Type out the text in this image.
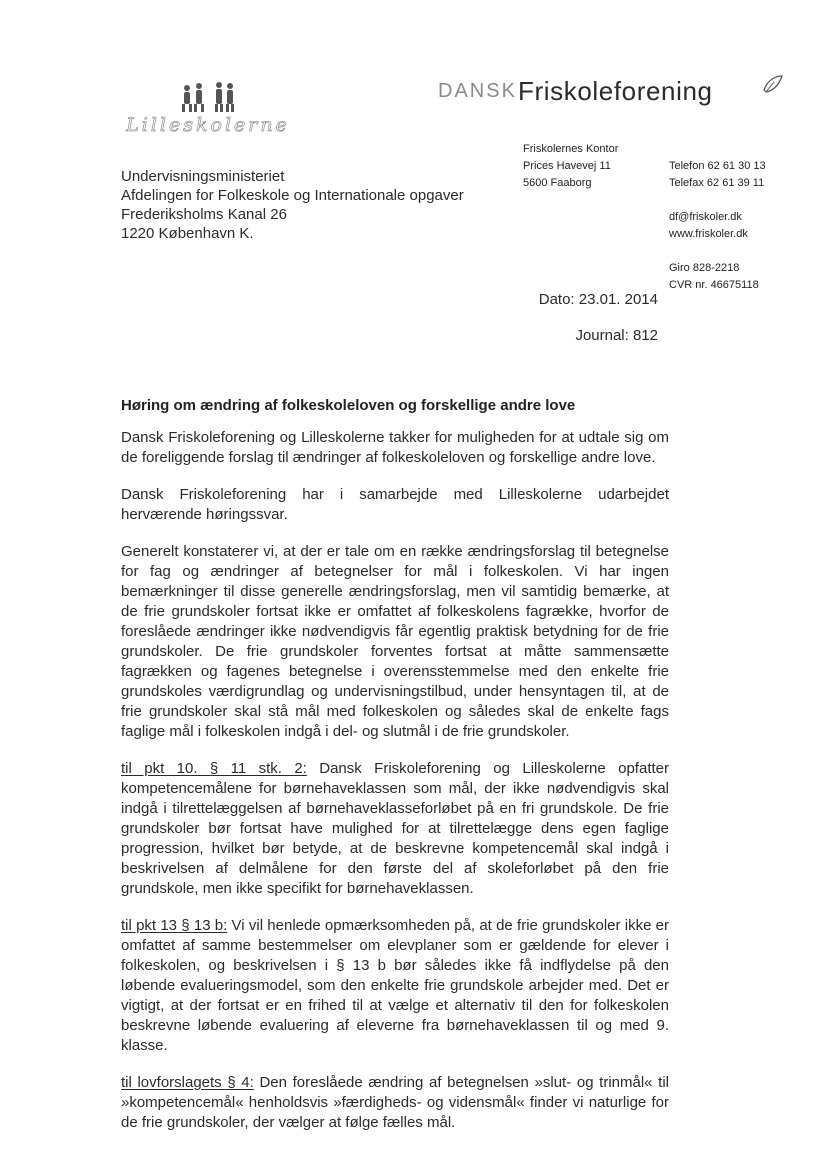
Lilleskolerne
DANSK Friskoleforening
Friskolernes Kontor
Prices Havevej 11
5600 Faaborg
Telefon 62 61 30 13
Telefax 62 61 39 11
df@friskoler.dk
www.friskoler.dk
Giro 828-2218
CVR nr. 46675118
Undervisningsministeriet
Afdelingen for Folkeskole og Internationale opgaver
Frederiksholms Kanal 26
1220 København K.
Dato: 23.01. 2014
Journal: 812
Høring om ændring af folkeskoleloven og forskellige andre love

Dansk Friskoleforening og Lilleskolerne takker for muligheden for at udtale sig om de foreliggende forslag til ændringer af folkeskoleloven og forskellige andre love.

Dansk Friskoleforening har i samarbejde med Lilleskolerne udarbejdet herværende høringssvar.

Generelt konstaterer vi, at der er tale om en række ændringsforslag til betegnelse for fag og ændringer af betegnelser for mål i folkeskolen. Vi har ingen bemærkninger til disse generelle ændringsforslag, men vil samtidig bemærke, at de frie grundskoler fortsat ikke er omfattet af folkeskolens fagrække, hvorfor de foreslåede ændringer ikke nødvendigvis får egentlig praktisk betydning for de frie grundskoler. De frie grundskoler forventes fortsat at måtte sammensætte fagrækken og fagenes betegnelse i overensstemmelse med den enkelte frie grundskoles værdigrundlag og undervisningstilbud, under hensyntagen til, at de frie grundskoler skal stå mål med folkeskolen og således skal de enkelte fags faglige mål i folkeskolen indgå i del- og slutmål i de frie grundskoler.

til pkt 10. § 11 stk. 2: Dansk Friskoleforening og Lilleskolerne opfatter kompetencemålene for børnehaveklassen som mål, der ikke nødvendigvis skal indgå i tilrettelæggelsen af børnehaveklasseforløbet på en fri grundskole. De frie grundskoler bør fortsat have mulighed for at tilrettelægge dens egen faglige progression, hvilket bør betyde, at de beskrevne kompetencemål skal indgå i beskrivelsen af delmålene for den første del af skoleforløbet på den frie grundskole, men ikke specifikt for børnehaveklassen.

til pkt 13 § 13 b: Vi vil henlede opmærksomheden på, at de frie grundskoler ikke er omfattet af samme bestemmelser om elevplaner som er gældende for elever i folkeskolen, og beskrivelsen i § 13 b bør således ikke få indflydelse på den løbende evalueringsmodel, som den enkelte frie grundskole arbejder med. Det er vigtigt, at der fortsat er en frihed til at vælge et alternativ til den for folkeskolen beskrevne løbende evaluering af eleverne fra børnehaveklassen til og med 9. klasse.

til lovforslagets § 4: Den foreslåede ændring af betegnelsen »slut- og trinmål« til »kompetencemål« henholdsvis »færdigheds- og vidensmål« finder vi naturlige for de frie grundskoler, der vælger at følge fælles mål.
